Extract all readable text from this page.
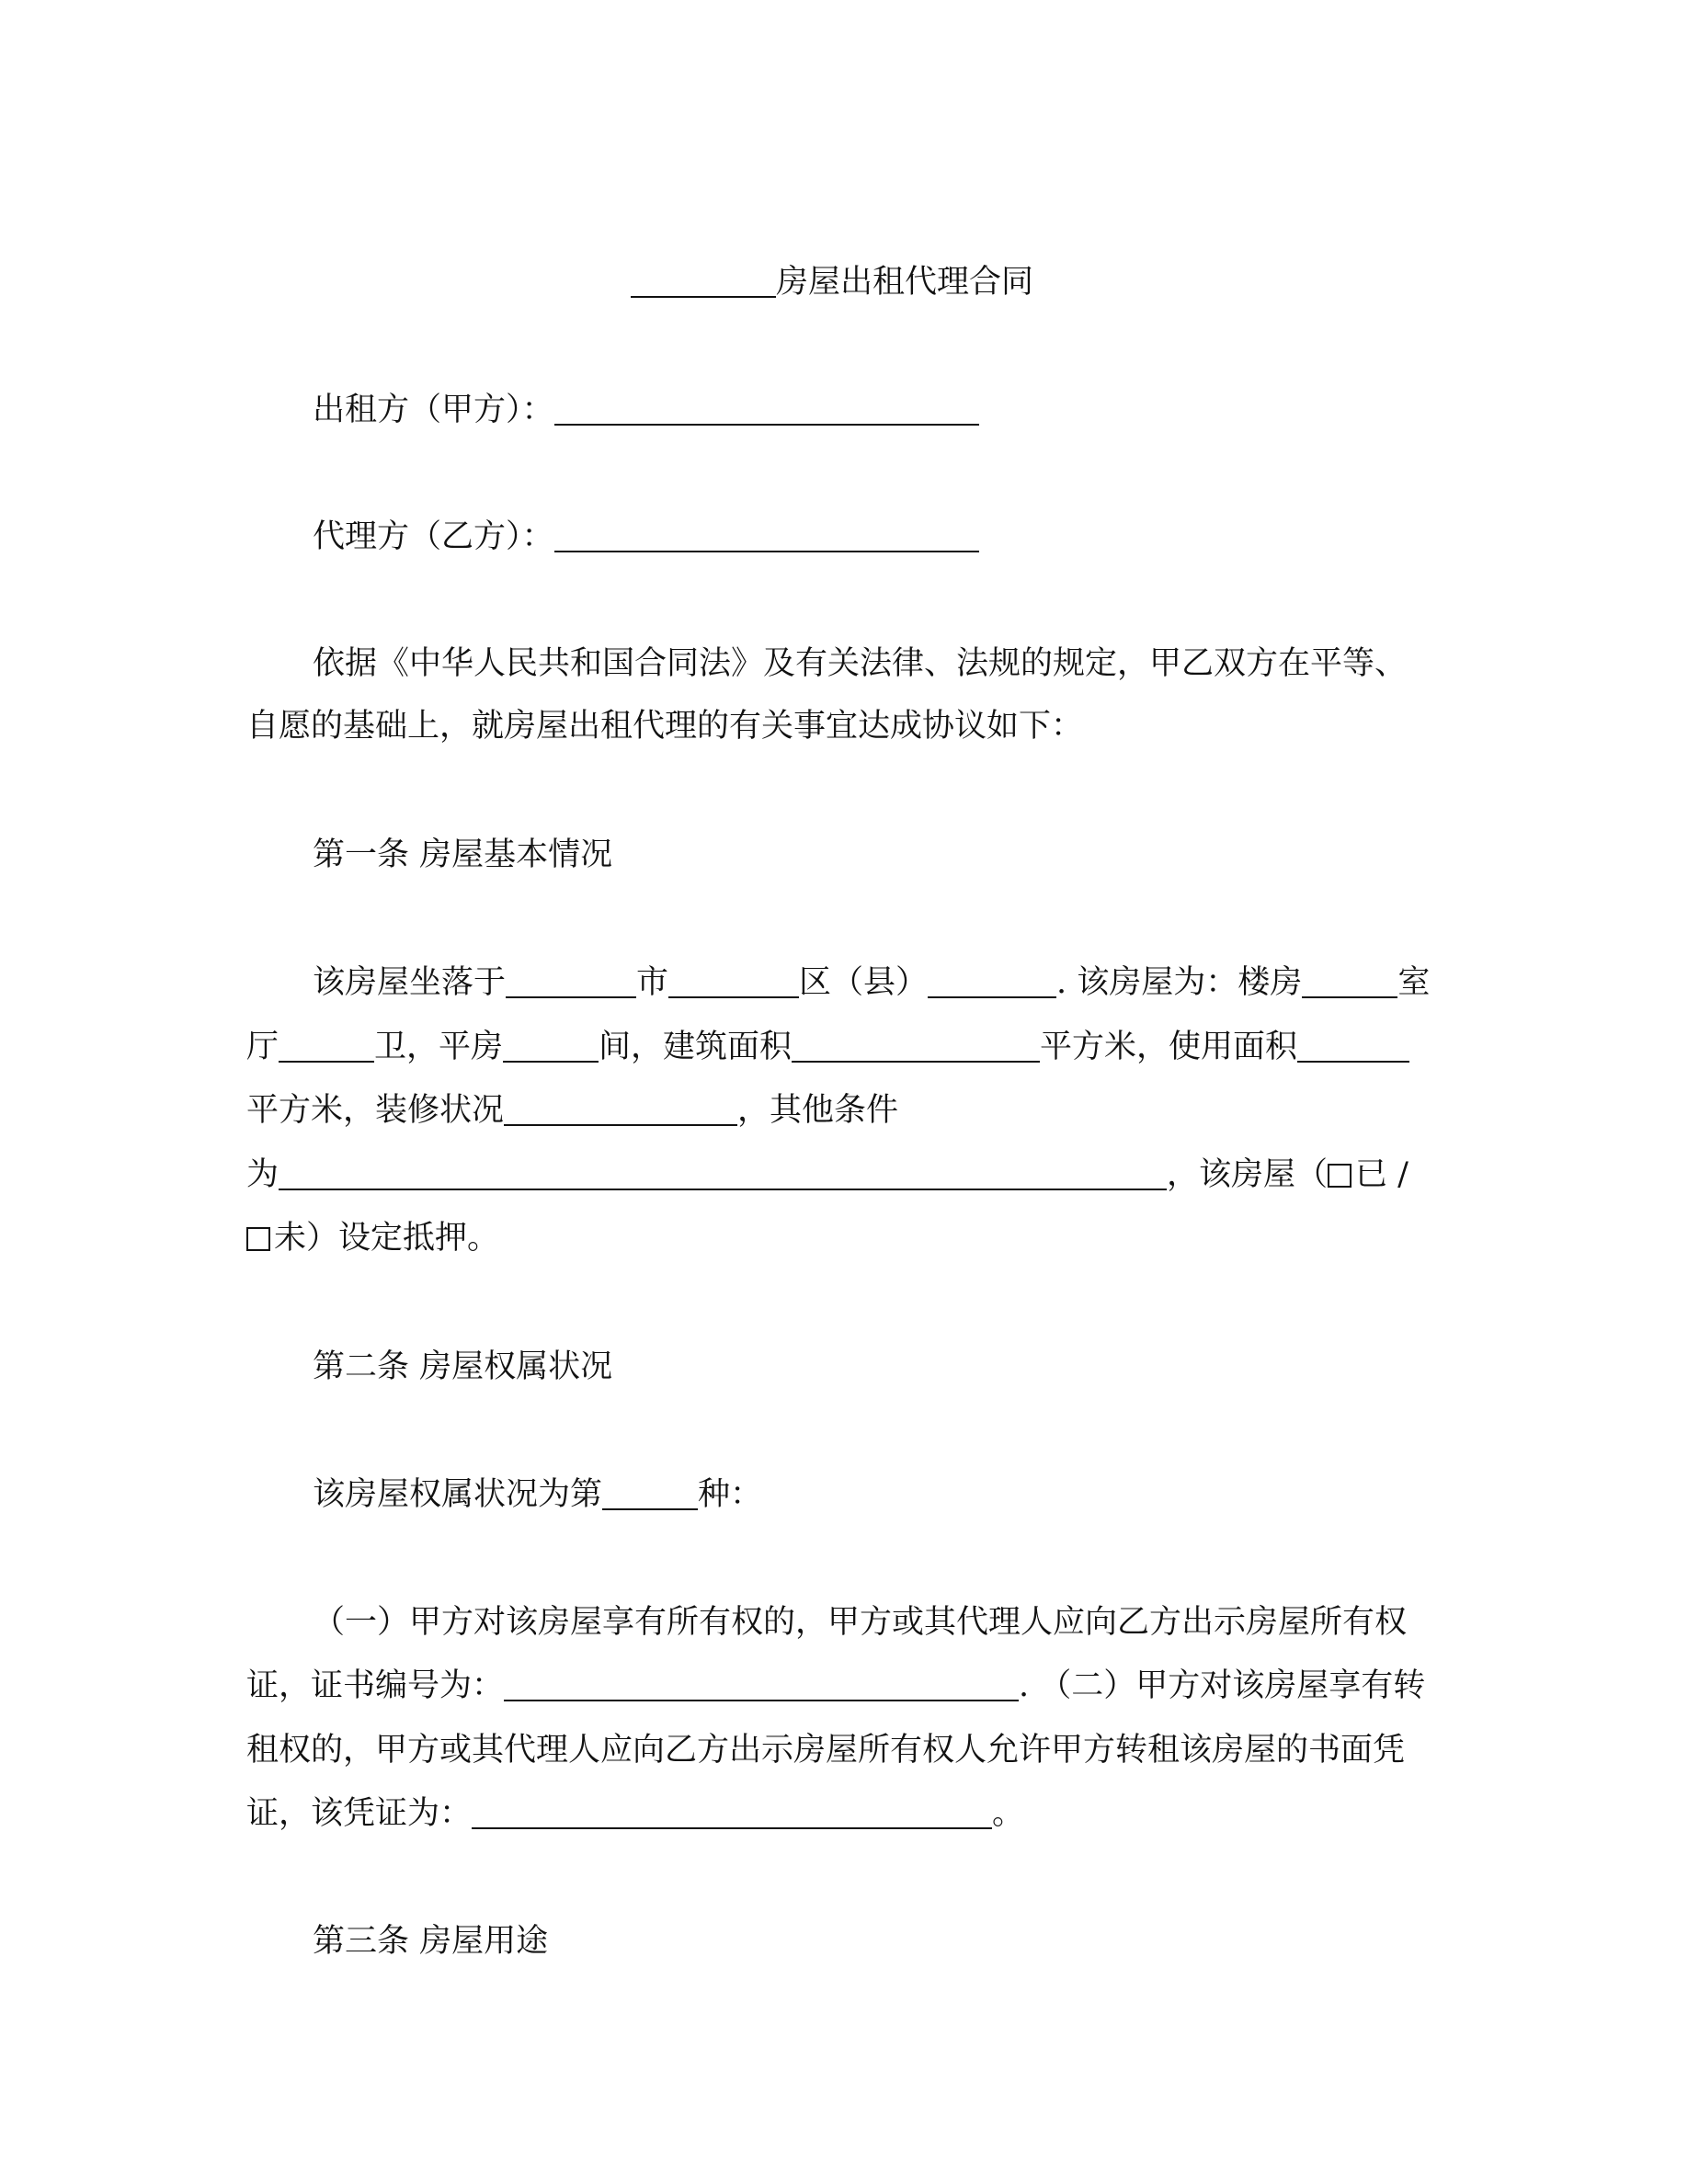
房屋出租代理合同
出租方（甲方）：
代理方（乙方）：
依据《中华人民共和国合同法》及有关法律、法规的规定，甲乙双方在平等、
自愿的基础上，就房屋出租代理的有关事宜达成协议如下：
第一条 房屋基本情况
该房屋坐落于	市	区（县）	. 该房屋为：楼房	室
厅	卫，平房	间，建筑面积	平方米，使用面积
平方米，装修状况	，其他条件
为	，该房屋（ 已 /
未）设定抵押。
第二条 房屋权属状况
该房屋权属状况为第	种：
（一）甲方对该房屋享有所有权的，甲方或其代理人应向乙方出示房屋所有权
证，证书编号为：	. （二）甲方对该房屋享有转
租权的，甲方或其代理人应向乙方出示房屋所有权人允许甲方转租该房屋的书面凭
证，该凭证为：	。
第三条 房屋用途
